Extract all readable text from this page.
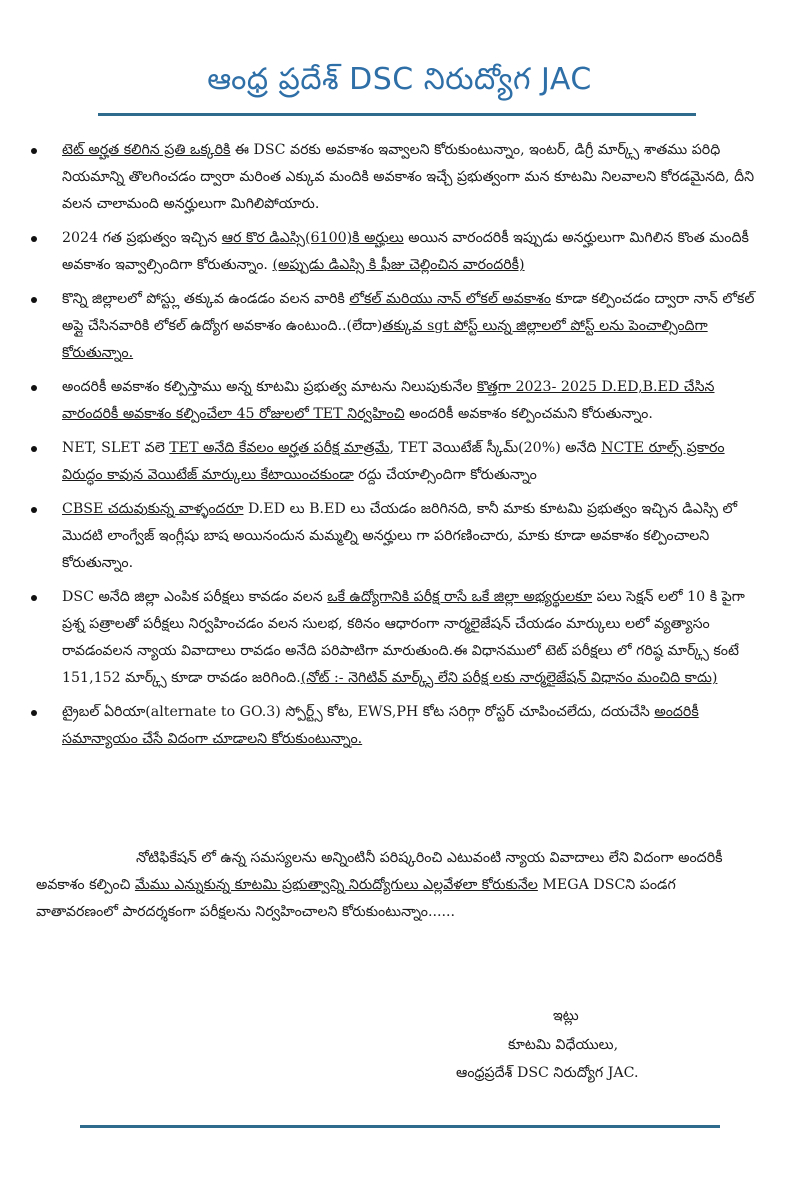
ఆంధ్ర ప్రదేశ్ DSC నిరుద్యోగ JAC
టెట్ అర్హత కలిగిన ప్రతి ఒక్కరికి ఈ DSC వరకు అవకాశం ఇవ్వాలని కోరుకుంటున్నాం, ఇంటర్, డిగ్రీ మార్క్స్ శాతము పరిధి నియమాన్ని తొలగించడం ద్వారా మరింత ఎక్కువ మందికి అవకాశం ఇచ్చే ప్రభుత్వంగా మన కూటమి నిలవాలని కోరడమైనది, దీని వలన చాలామంది అనర్హులుగా మిగిలిపోయారు.
2024 గత ప్రభుత్వం ఇచ్చిన ఆర కొర డిఎస్సి(6100)కి అర్హులు అయిన వారందరికీ ఇప్పుడు అనర్హులుగా మిగిలిన కొంత మందికీ అవకాశం ఇవ్వాల్సిందిగా కోరుతున్నాం. (అప్పుడు డిఎస్సి కి ఫీజు చెల్లించిన వారందరికీ)
కొన్ని జిల్లాలలో పోస్ట్లు తక్కువ ఉండడం వలన వారికి లోకల్ మరియు నాన్ లోకల్ అవకాశం కూడా కల్పించడం ద్వారా నాన్ లోకల్ అప్లై చేసినవారికి లోకల్ ఉద్యోగ అవకాశం ఉంటుంది..(లేదా)తక్కువ sgt పోస్ట్ లున్న జిల్లాలలో పోస్ట్ లను పెంచాల్సిందిగా కోరుతున్నాం.
అందరికీ అవకాశం కల్పిస్తాము అన్న కూటమి ప్రభుత్వ మాటను నిలుపుకునేల కొత్తగా 2023- 2025 D.ED,B.ED చేసిన వారందరికీ అవకాశం కల్పించేలా 45 రోజులలో TET నిర్వహించి అందరికీ అవకాశం కల్పించమని కోరుతున్నాం.
NET, SLET వలె TET అనేది కేవలం అర్హత పరీక్ష మాత్రమే, TET వెయిటేజ్ స్కీమ్(20%) అనేది NCTE రూల్స్ ప్రకారం విరుద్ధం కావున వెయిటేజ్ మార్కులు కేటాయించకుండా రద్దు చేయాల్సిందిగా కోరుతున్నాం
CBSE చదువుకున్న వాళ్ళందరూ D.ED లు B.ED లు చేయడం జరిగినది, కానీ మాకు కూటమి ప్రభుత్వం ఇచ్చిన డిఎస్సి లో మొదటి లాంగ్వేజ్ ఇంగ్లీషు బాష అయినందున మమ్మల్ని అనర్హులు గా పరిగణించారు, మాకు కూడా అవకాశం కల్పించాలని కోరుతున్నాం.
DSC అనేది జిల్లా ఎంపిక పరీక్షలు కావడం వలన ఒకే ఉద్యోగానికి పరీక్ష రాసే ఒకే జిల్లా అభ్యర్థులకూ పలు సెక్షన్ లలో 10 కి పైగా ప్రశ్న పత్రాలతో పరీక్షలు నిర్వహించడం వలన సులభ, కఠినం ఆధారంగా నార్మలైజేషన్ చేయడం మార్కులు లలో వ్యత్యాసం రావడంవలన న్యాయ వివాదాలు రావడం అనేది పరిపాటిగా మారుతుంది.ఈ విధానములో టెట్ పరీక్షలు లో గరిష్ఠ మార్క్స్ కంటే 151,152 మార్క్స్ కూడా రావడం జరిగింది.(నోట్ :- నెగిటివ్ మార్క్స్ లేని పరీక్ష లకు నార్మలైజేషన్ విధానం మంచిది కాదు)
ట్రైబల్ ఏరియా(alternate to GO.3) స్పోర్ట్స్ కోట, EWS,PH కోట సరిగ్గా రోస్టర్ చూపించలేదు, దయచేసి అందరికీ సమాన్యాయం చేసే విదంగా చూడాలని కోరుకుంటున్నాం.
నోటిఫికేషన్ లో ఉన్న సమస్యలను అన్నింటినీ పరిష్కరించి ఎటువంటి న్యాయ వివాదాలు లేని విదంగా అందరికీ అవకాశం కల్పించి మేము ఎన్నుకున్న కూటమి ప్రభుత్వాన్ని నిరుద్యోగులు ఎల్లవేళలా కోరుకునేల MEGA DSCని పండగ వాతావరణంలో పారదర్శకంగా పరీక్షలను నిర్వహించాలని కోరుకుంటున్నాం......
ఇట్లు
కూటమి విధేయులు,
ఆంధ్రప్రదేశ్ DSC నిరుద్యోగ JAC.
